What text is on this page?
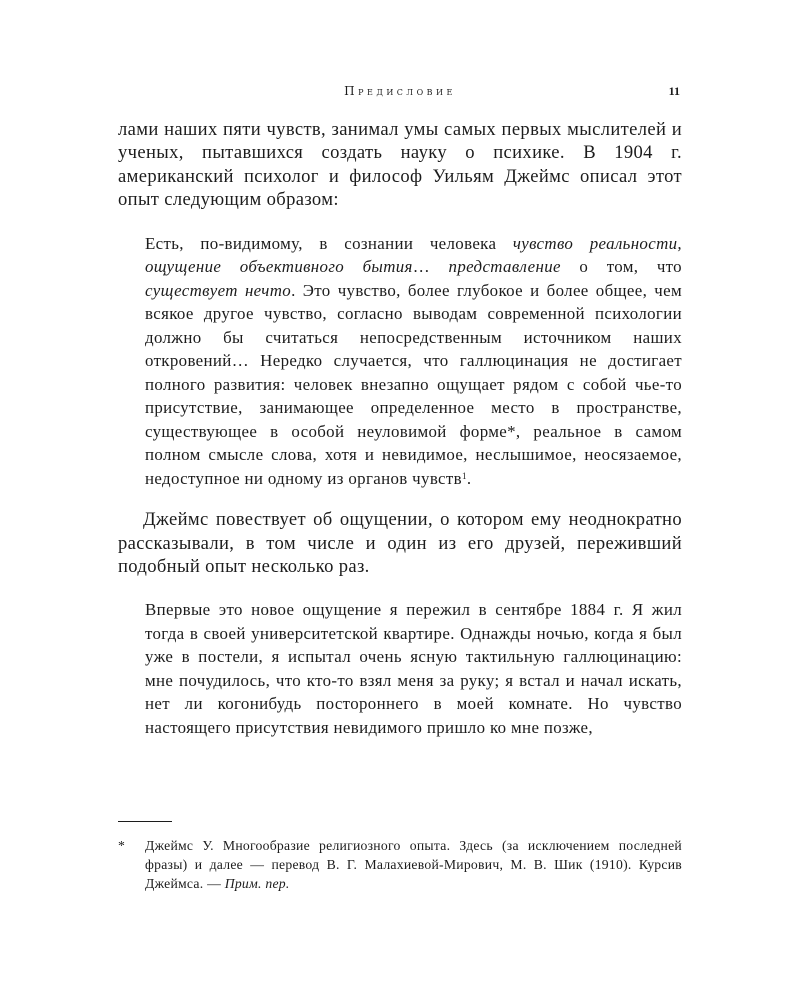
Предисловие	11

лами наших пяти чувств, занимал умы самых первых мыслителей и ученых, пытавшихся создать науку о психике. В 1904 г. американский психолог и философ Уильям Джеймс описал этот опыт следующим образом:

Есть, по-видимому, в сознании человека чувство реальности, ощущение объективного бытия… представление о том, что существует нечто. Это чувство, более глубокое и более общее, чем всякое другое чувство, согласно выводам современной психологии должно бы считаться непосредственным источником наших откровений… Нередко случается, что галлюцинация не достигает полного развития: человек внезапно ощущает рядом с собой чье-то присутствие, занимающее определенное место в пространстве, существующее в особой неуловимой форме*, реальное в самом полном смысле слова, хотя и невидимое, неслышимое, неосязаемое, недоступное ни одному из органов чувств$^1$.

Джеймс повествует об ощущении, о котором ему неоднократно рассказывали, в том числе и один из его друзей, переживший подобный опыт несколько раз.

Впервые это новое ощущение я пережил в сентябре 1884 г. Я жил тогда в своей университетской квартире. Однажды ночью, когда я был уже в постели, я испытал очень ясную тактильную галлюцинацию: мне почудилось, что кто-то взял меня за руку; я встал и начал искать, нет ли когонибудь постороннего в моей комнате. Но чувство настоящего присутствия невидимого пришло ко мне позже,

* Джеймс У. Многообразие религиозного опыта. Здесь (за исключением последней фразы) и далее — перевод В. Г. Малахиевой-Мирович, М. В. Шик (1910). Курсив Джеймса. — Прим. пер.
